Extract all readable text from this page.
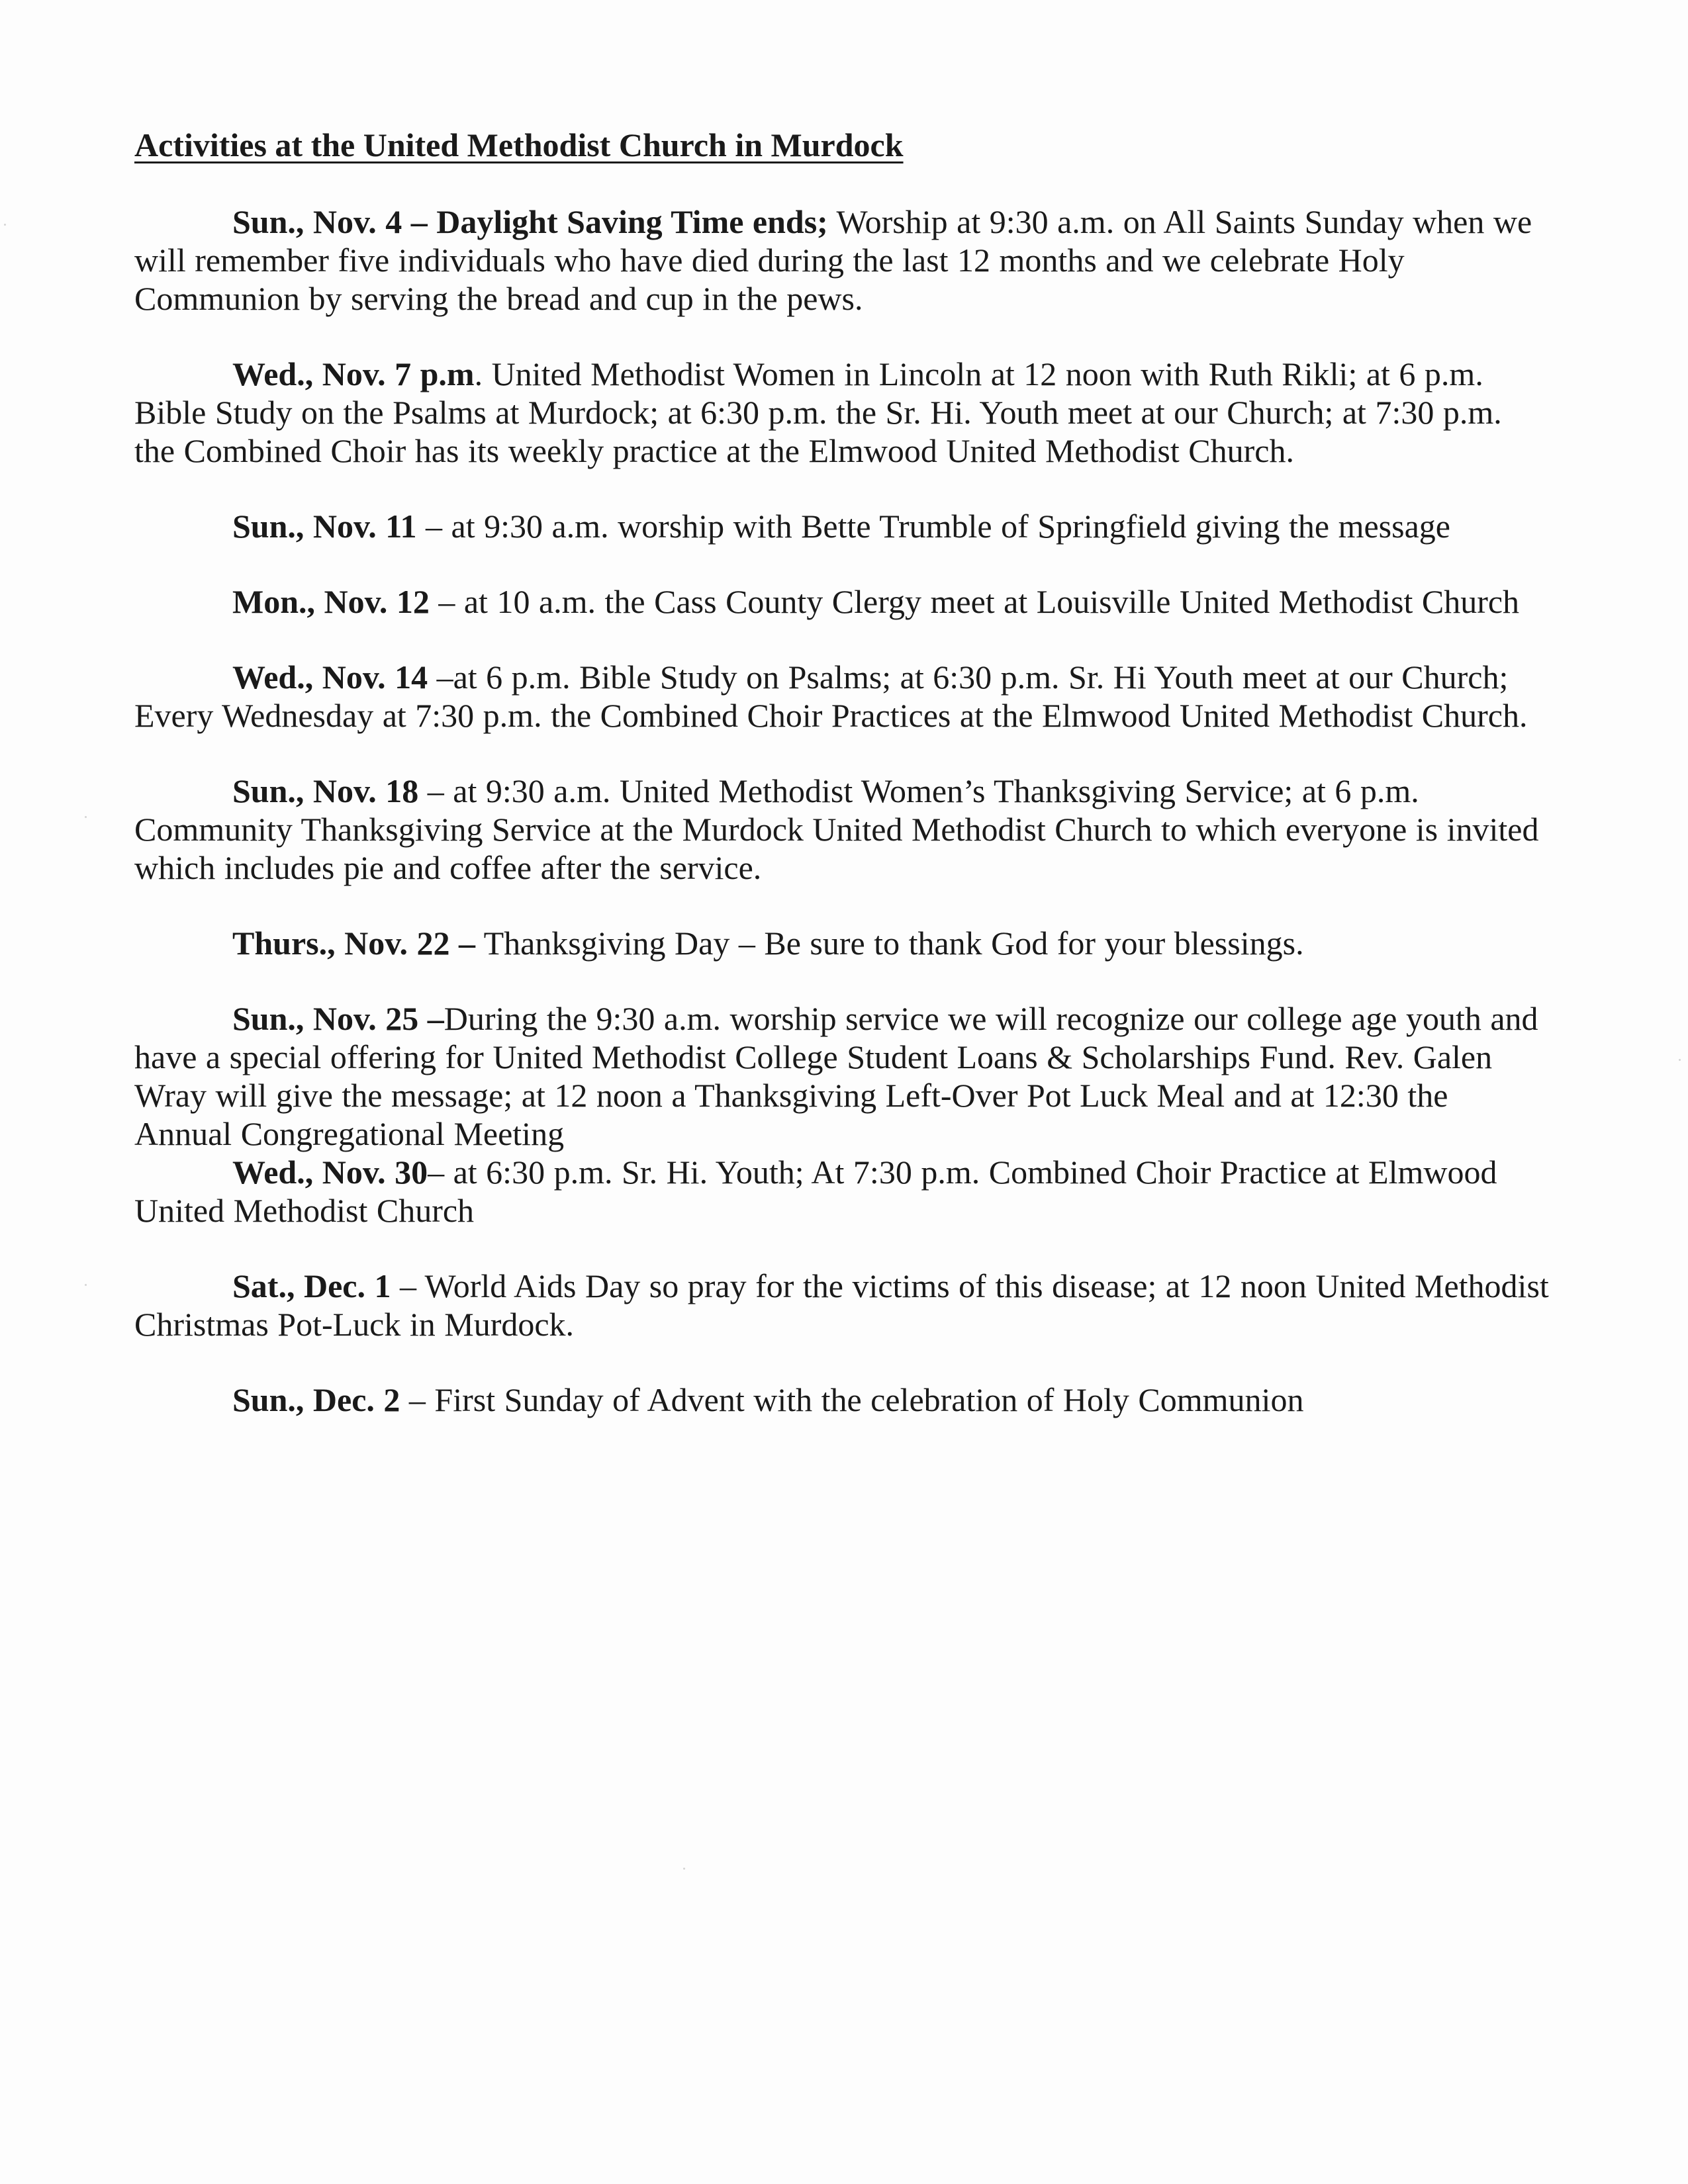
Activities at the United Methodist Church in Murdock

Sun., Nov. 4 – Daylight Saving Time ends; Worship at 9:30 a.m. on All Saints Sunday when we will remember five individuals who have died during the last 12 months and we celebrate Holy Communion by serving the bread and cup in the pews.

Wed., Nov. 7 p.m. United Methodist Women in Lincoln at 12 noon with Ruth Rikli; at 6 p.m. Bible Study on the Psalms at Murdock; at 6:30 p.m. the Sr. Hi. Youth meet at our Church; at 7:30 p.m. the Combined Choir has its weekly practice at the Elmwood United Methodist Church.

Sun., Nov. 11 – at 9:30 a.m. worship with Bette Trumble of Springfield giving the message

Mon., Nov. 12 – at 10 a.m. the Cass County Clergy meet at Louisville United Methodist Church

Wed., Nov. 14 –at 6 p.m. Bible Study on Psalms; at 6:30 p.m. Sr. Hi Youth meet at our Church; Every Wednesday at 7:30 p.m. the Combined Choir Practices at the Elmwood United Methodist Church.

Sun., Nov. 18 – at 9:30 a.m. United Methodist Women’s Thanksgiving Service; at 6 p.m. Community Thanksgiving Service at the Murdock United Methodist Church to which everyone is invited which includes pie and coffee after the service.

Thurs., Nov. 22 – Thanksgiving Day – Be sure to thank God for your blessings.

Sun., Nov. 25 –During the 9:30 a.m. worship service we will recognize our college age youth and have a special offering for United Methodist College Student Loans & Scholarships Fund. Rev. Galen Wray will give the message; at 12 noon a Thanksgiving Left-Over Pot Luck Meal and at 12:30 the Annual Congregational Meeting

Wed., Nov. 30– at 6:30 p.m. Sr. Hi. Youth; At 7:30 p.m. Combined Choir Practice at Elmwood United Methodist Church

Sat., Dec. 1 – World Aids Day so pray for the victims of this disease; at 12 noon United Methodist Christmas Pot-Luck in Murdock.

Sun., Dec. 2 – First Sunday of Advent with the celebration of Holy Communion
